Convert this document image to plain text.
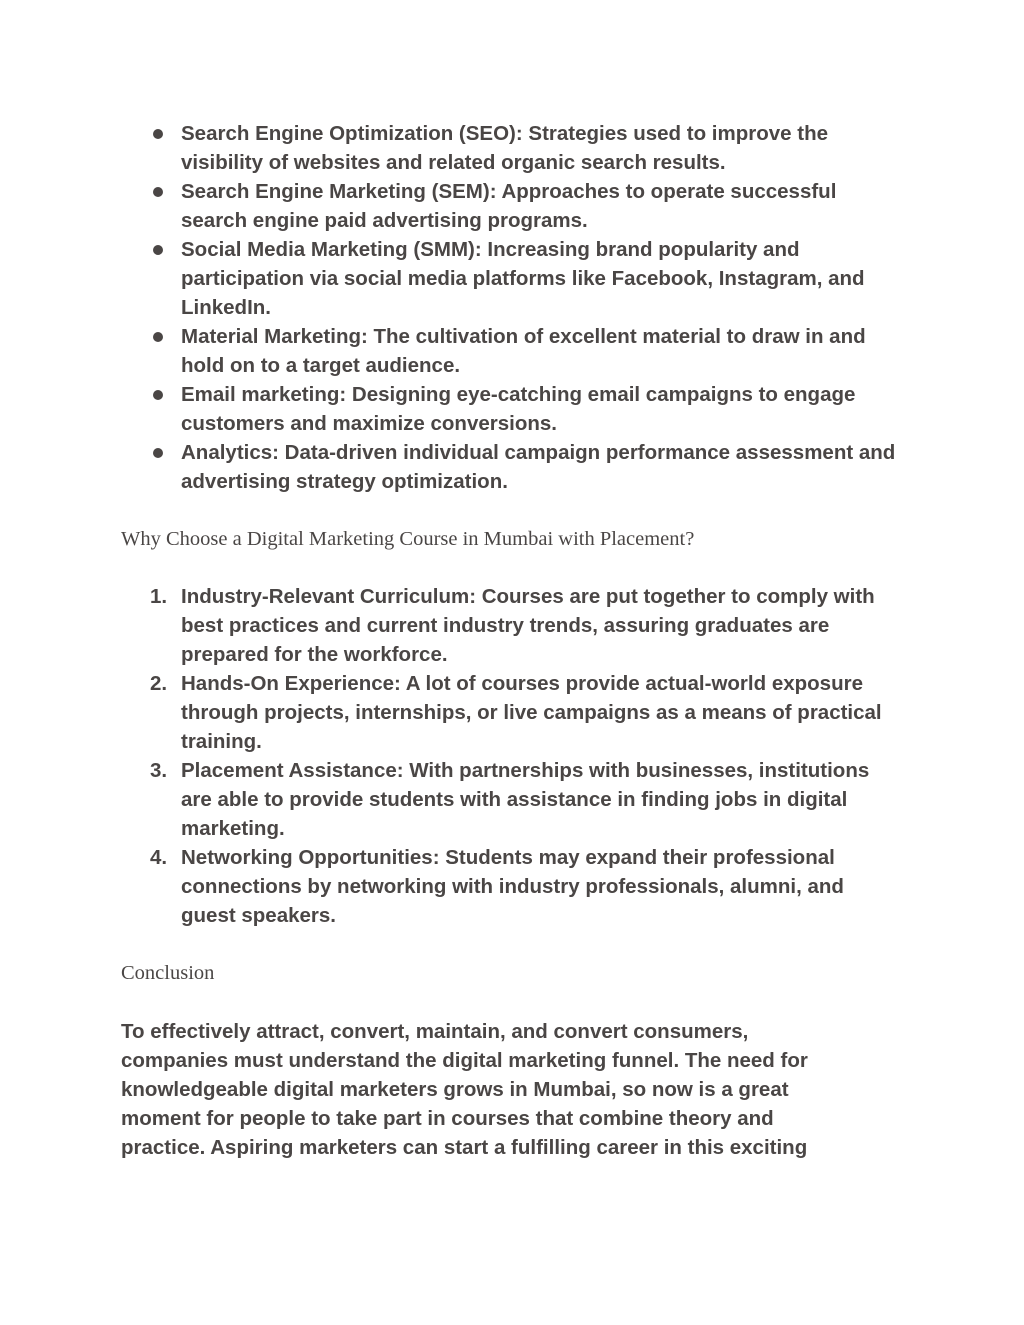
Search Engine Optimization (SEO): Strategies used to improve the visibility of websites and related organic search results.
Search Engine Marketing (SEM): Approaches to operate successful search engine paid advertising programs.
Social Media Marketing (SMM): Increasing brand popularity and participation via social media platforms like Facebook, Instagram, and LinkedIn.
Material Marketing: The cultivation of excellent material to draw in and hold on to a target audience.
Email marketing: Designing eye-catching email campaigns to engage customers and maximize conversions.
Analytics: Data-driven individual campaign performance assessment and advertising strategy optimization.
Why Choose a Digital Marketing Course in Mumbai with Placement?
1. Industry-Relevant Curriculum: Courses are put together to comply with best practices and current industry trends, assuring graduates are prepared for the workforce.
2. Hands-On Experience: A lot of courses provide actual-world exposure through projects, internships, or live campaigns as a means of practical training.
3. Placement Assistance: With partnerships with businesses, institutions are able to provide students with assistance in finding jobs in digital marketing.
4. Networking Opportunities: Students may expand their professional connections by networking with industry professionals, alumni, and guest speakers.
Conclusion

To effectively attract, convert, maintain, and convert consumers, companies must understand the digital marketing funnel. The need for knowledgeable digital marketers grows in Mumbai, so now is a great moment for people to take part in courses that combine theory and practice. Aspiring marketers can start a fulfilling career in this exciting
